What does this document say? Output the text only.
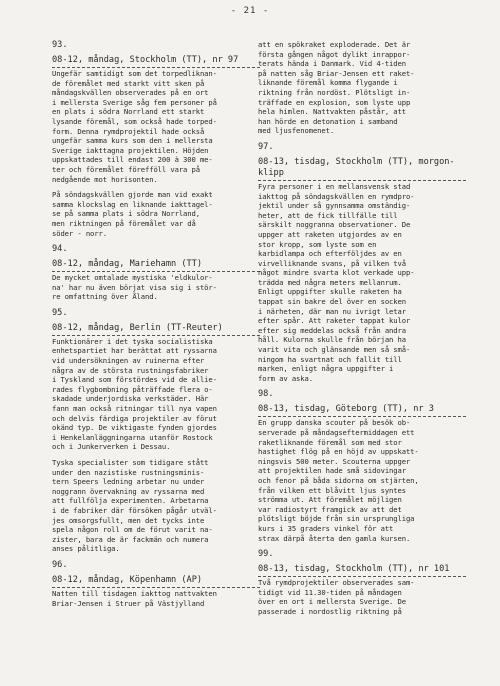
- 21 -
93.
08-12, måndag, Stockholm (TT), nr 97
Ungefär samtidigt som det torpedliknan-
de föremålet med starkt vitt sken på
måndagskvällen observerades på en ort
i mellersta Sverige såg fem personer på
en plats i södra Norrland ett starkt
lysande föremål, som också hade torped-
form. Denna rymdprojektil hade också
ungefär samma kurs som den i mellersta
Sverige iakttagna projektilen. Höjden
uppskattades till endast 200 à 300 me-
ter och föremålet förefföll vara på
nedgående mot horisonten.
På söndagskvällen gjorde man vid exakt
samma klockslag en liknande iakttagel-
se på samma plats i södra Norrland,
men riktningen på föremålet var då
söder - norr.
94.
08-12, måndag, Mariehamn (TT)
De mycket omtalade mystiska 'eldkulor-
na' har nu även börjat visa sig i stör-
re omfattning över Åland.
95.
08-12, måndag, Berlin (TT-Reuter)
Funktionärer i det tyska socialistiska
enhetspartiet har berättat att ryssarna
vid undersökningen av ruinerna efter
några av de största rustningsfabriker
i Tyskland som förstördes vid de allie-
rades flygbombning påträffade flera o-
skadade underjordiska verkstäder. Här
fann man också ritningar till nya vapen
och delvis färdiga projektiler av förut
okänd typ. De viktigaste fynden gjordes
i Henkelanläggningarna utanför Rostock
och i Junkerverken i Dessau.
Tyska specialister som tidigare stått
under den nazistiske rustningsminis-
tern Speers ledning arbetar nu under
noggrann övervakning av ryssarna med
att fullfölja experimenten. Arbetarna
i de fabriker där försöken pågår utväl-
jes omsorgsfullt, men det tycks inte
spela någon roll om de förut varit na-
zister, bara de är fackmän och numera
anses pålitliga.
96.
08-12, måndag, Köpenhamn (AP)
Natten till tisdagen iakttog nattvakten
Briar-Jensen i Struer på Västjylland
att en spökraket exploderade. Det är
första gången något dylikt inrappor-
terats hända i Danmark. Vid 4-tiden
på natten såg Briar-Jensen ett raket-
liknande föremål komma flygande i
riktning från nordöst. Plötsligt in-
träffade en explosion, som lyste upp
hela himlen. Nattvakten påstår, att
han hörde en detonation i samband
med ljusfenomenet.
97.
08-13, tisdag, Stockholm (TT), morgon-
klipp
Fyra personer i en mellansvensk stad
iakttog på söndagskvällen en rymdpro-
jektil under så gynnsamma omständig-
heter, att de fick tillfälle till
särskilt noggranna observationer. De
uppger att raketen utgjordes av en
stor kropp, som lyste som en
karbidlampa och efterföljdes av en
virvelliknande svans, på vilken två
något mindre svarta klot verkade upp-
trädda med några meters mellanrum.
Enligt uppgifter skulle raketen ha
tappat sin bakre del över en socken
i närheten, där man nu ivrigt letar
efter spår. Att raketer tappat kulor
efter sig meddelas också från andra
håll. Kulorna skulle från början ha
varit vita och glänsande men så små-
ningom ha svartnat och fallit till
marken, enligt några uppgifter i
form av aska.
98.
08-13, tisdag, Göteborg (TT), nr 3
En grupp danska scouter på besök ob-
serverade på måndagseftermiddagen ett
raketliknande föremål som med stor
hastighet flög på en höjd av uppskatt-
ningsvis 500 meter. Scouterna uppger
att projektilen hade små sidovingar
och fenor på båda sidorna om stjärten,
från vilken ett blåvitt ljus syntes
strömma ut. Att föremålet möjligen
var radiostyrt framgick av att det
plötsligt böjde från sin ursprungliga
kurs i 35 graders vinkel för att
strax därpå återta den gamla kursen.
99.
08-13, tisdag, Stockholm (TT), nr 101
Två rymdprojektiler observerades sam-
tidigt vid 11.30-tiden på måndagen
över en ort i mellersta Sverige. De
passerade i nordostlig riktning på
